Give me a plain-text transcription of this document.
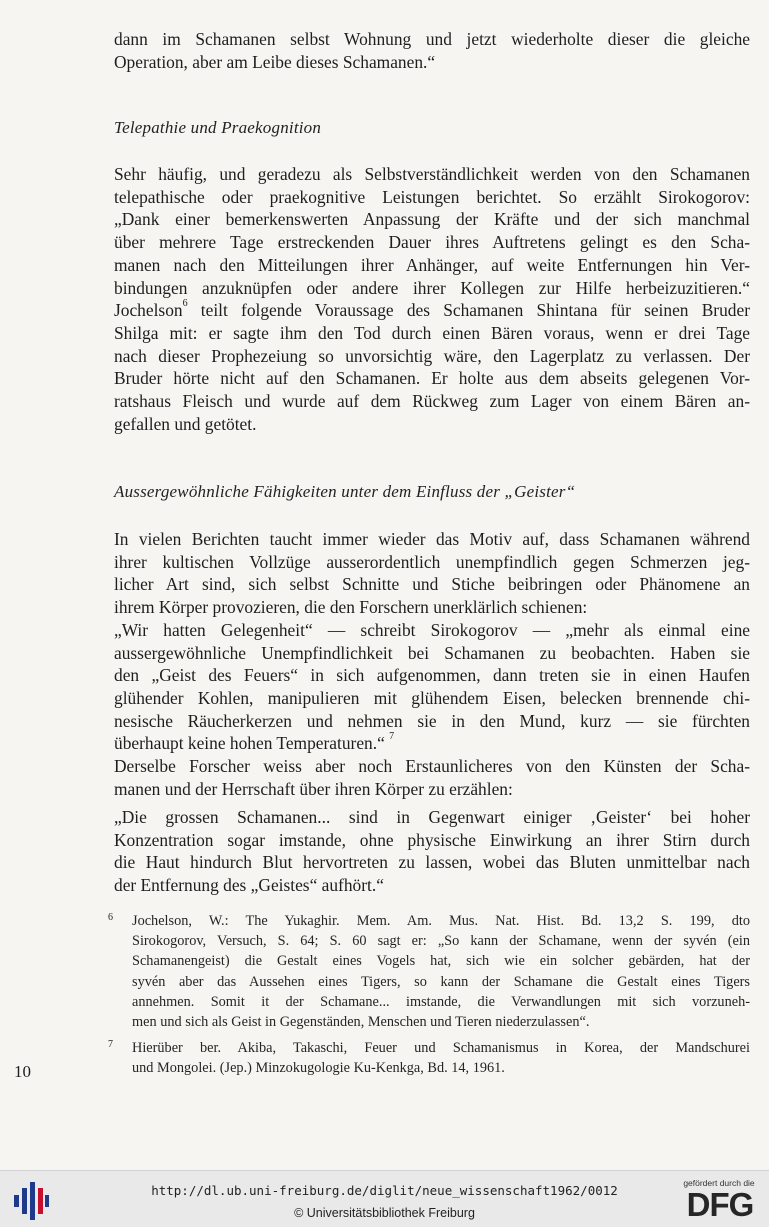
dann im Schamanen selbst Wohnung und jetzt wiederholte dieser die gleiche

Operation, aber am Leibe dieses Schamanen.“

Telepathie und Praekognition

Sehr häufig, und geradezu als Selbstverständlichkeit werden von den Schamanen

telepathische oder praekognitive Leistungen berichtet. So erzählt Sirokogorov:

„Dank einer bemerkenswerten Anpassung der Kräfte und der sich manchmal

über mehrere Tage erstreckenden Dauer ihres Auftretens gelingt es den Scha-

manen nach den Mitteilungen ihrer Anhänger, auf weite Entfernungen hin Ver-

bindungen anzuknüpfen oder andere ihrer Kollegen zur Hilfe herbeizuzitieren.“

Jochelson$^6$ teilt folgende Voraussage des Schamanen Shintana für seinen Bruder

Shilga mit: er sagte ihm den Tod durch einen Bären voraus, wenn er drei Tage

nach dieser Prophezeiung so unvorsichtig wäre, den Lagerplatz zu verlassen. Der

Bruder hörte nicht auf den Schamanen. Er holte aus dem abseits gelegenen Vor-

ratshaus Fleisch und wurde auf dem Rückweg zum Lager von einem Bären an-

gefallen und getötet.

Aussergewöhnliche Fähigkeiten unter dem Einfluss der „Geister“

In vielen Berichten taucht immer wieder das Motiv auf, dass Schamanen während

ihrer kultischen Vollzüge ausserordentlich unempfindlich gegen Schmerzen jeg-

licher Art sind, sich selbst Schnitte und Stiche beibringen oder Phänomene an

ihrem Körper provozieren, die den Forschern unerklärlich schienen:

„Wir hatten Gelegenheit“ — schreibt Sirokogorov — „mehr als einmal eine

aussergewöhnliche Unempfindlichkeit bei Schamanen zu beobachten. Haben sie

den „Geist des Feuers“ in sich aufgenommen, dann treten sie in einen Haufen

glühender Kohlen, manipulieren mit glühendem Eisen, belecken brennende chi-

nesische Räucherkerzen und nehmen sie in den Mund, kurz — sie fürchten

überhaupt keine hohen Temperaturen.“ $^7$

Derselbe Forscher weiss aber noch Erstaunlicheres von den Künsten der Scha-

manen und der Herrschaft über ihren Körper zu erzählen:

„Die grossen Schamanen... sind in Gegenwart einiger ‚Geister‘ bei hoher

Konzentration sogar imstande, ohne physische Einwirkung an ihrer Stirn durch

die Haut hindurch Blut hervortreten zu lassen, wobei das Bluten unmittelbar nach

der Entfernung des „Geistes“ aufhört.“

6 Jochelson, W.: The Yukaghir. Mem. Am. Mus. Nat. Hist. Bd. 13,2 S. 199, dto
Sirokogorov, Versuch, S. 64; S. 60 sagt er: „So kann der Schamane, wenn der syvén (ein
Schamanengeist) die Gestalt eines Vogels hat, sich wie ein solcher gebärden, hat der
syvén aber das Aussehen eines Tigers, so kann der Schamane die Gestalt eines Tigers
annehmen. Somit it der Schamane... imstande, die Verwandlungen mit sich vorzuneh-
men und sich als Geist in Gegenständen, Menschen und Tieren niederzulassen“.
7 Hierüber ber. Akiba, Takaschi, Feuer und Schamanismus in Korea, der Mandschurei
und Mongolei. (Jep.) Minzokugologie Ku-Kenkga, Bd. 14, 1961.
10
http://dl.ub.uni-freiburg.de/diglit/neue_wissenschaft1962/0012
© Universitätsbibliothek Freiburg
gefördert durch die
DFG
